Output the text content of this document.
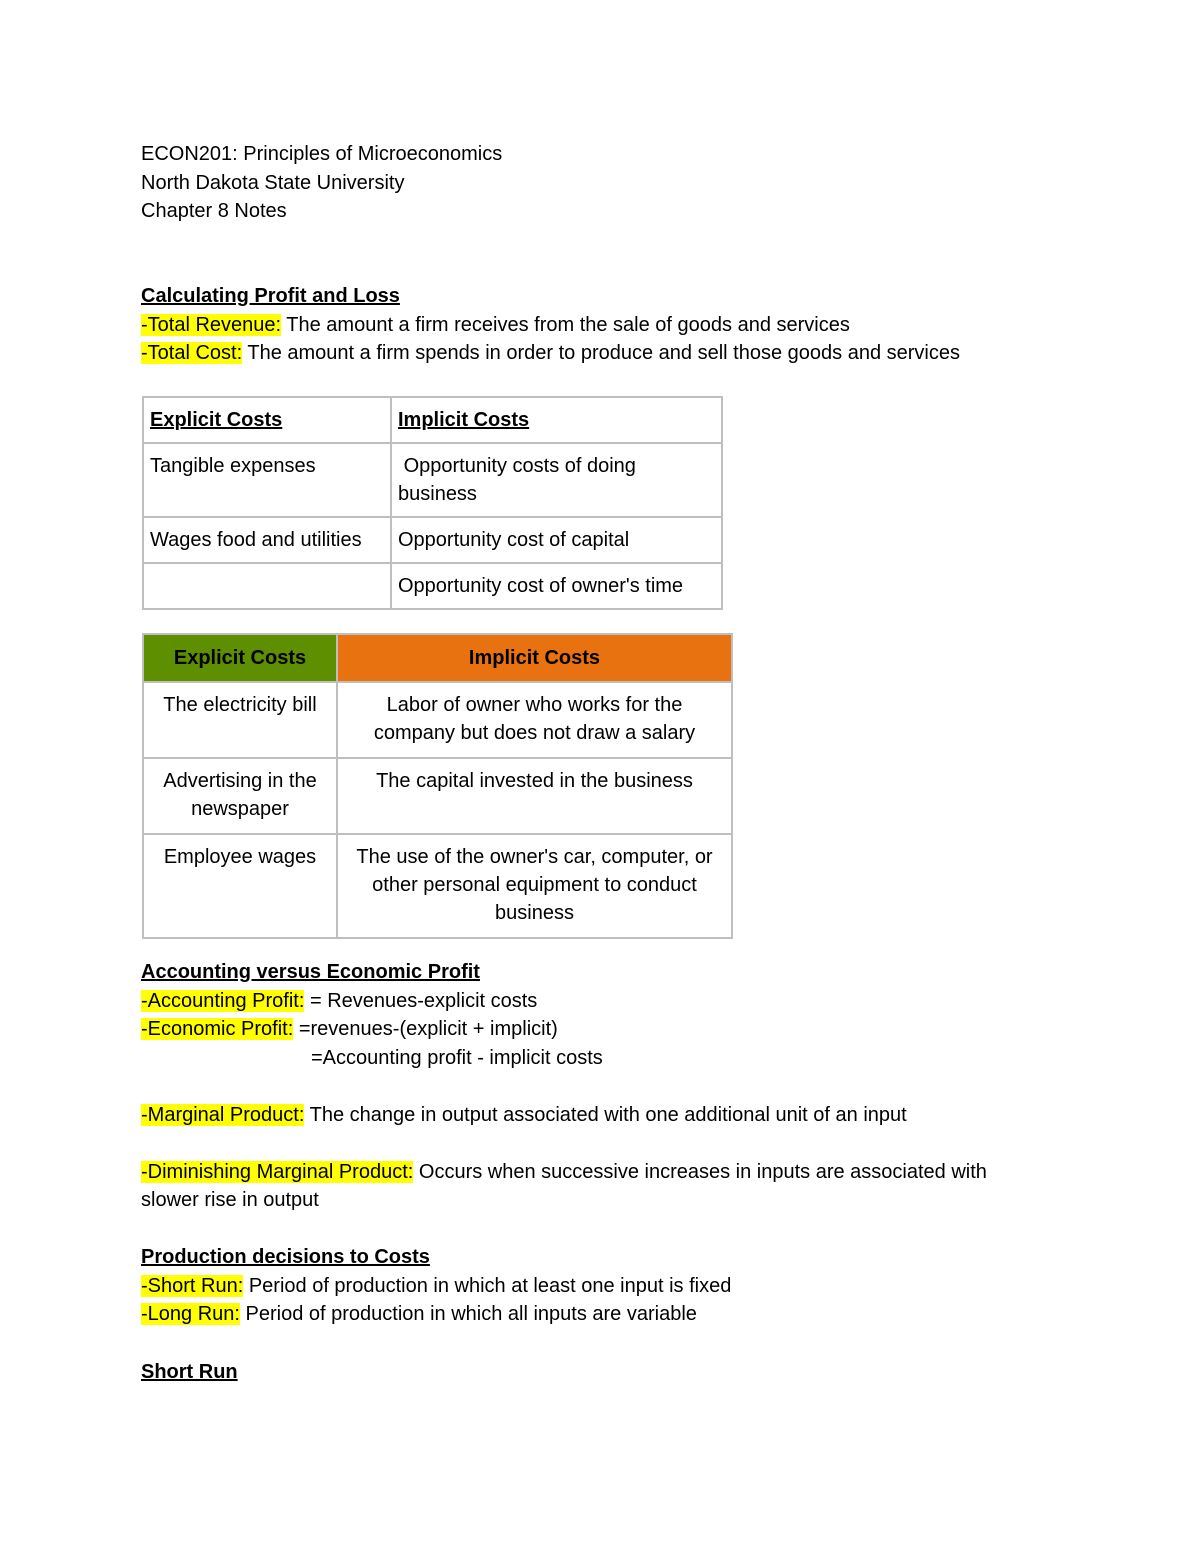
ECON201: Principles of Microeconomics
North Dakota State University
Chapter 8 Notes
Calculating Profit and Loss
-Total Revenue: The amount a firm receives from the sale of goods and services
-Total Cost: The amount a firm spends in order to produce and sell those goods and services
Explicit Costs	Implicit Costs
Tangible expenses	Opportunity costs of doing business
Wages food and utilities	Opportunity cost of capital
	Opportunity cost of owner's time
Explicit Costs	Implicit Costs
The electricity bill	Labor of owner who works for the company but does not draw a salary
Advertising in the newspaper	The capital invested in the business
Employee wages	The use of the owner's car, computer, or other personal equipment to conduct business
Accounting versus Economic Profit
-Accounting Profit: = Revenues-explicit costs
-Economic Profit: =revenues-(explicit + implicit)
=Accounting profit - implicit costs
-Marginal Product: The change in output associated with one additional unit of an input
-Diminishing Marginal Product: Occurs when successive increases in inputs are associated with
slower rise in output
Production decisions to Costs
-Short Run: Period of production in which at least one input is fixed
-Long Run: Period of production in which all inputs are variable
Short Run
